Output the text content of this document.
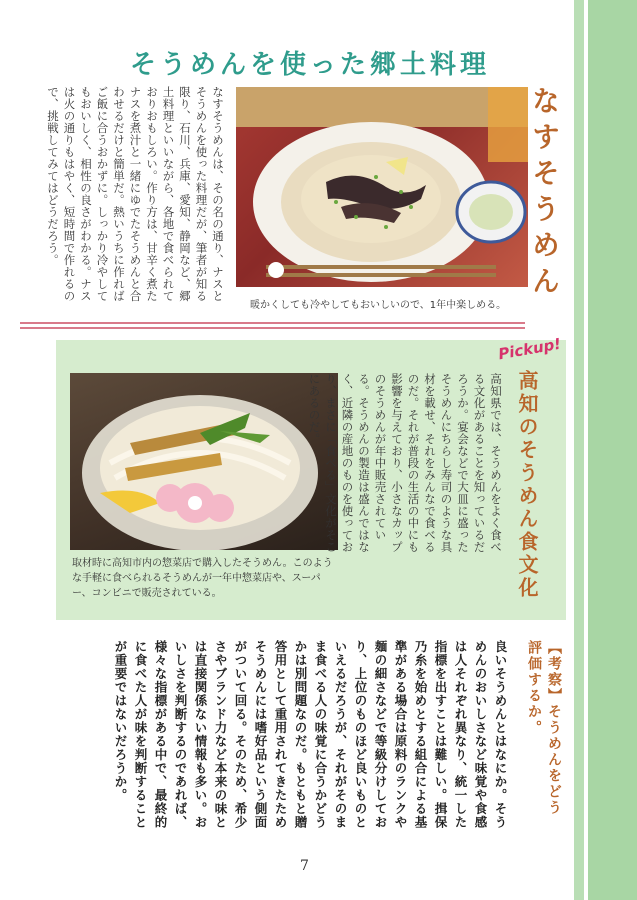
そうめんを使った郷土料理
なすそうめんは、その名の通り、ナスとそうめんを使った料理だが、筆者が知る限り、石川、兵庫、愛知、静岡など、郷土料理といいながら、各地で食べられておりおもしろい。作り方は、甘辛く煮たナスを煮汁と一緒にゆでたそうめんと合わせるだけと簡単だ。熱いうちに作ればご飯に合うおかずに。しっかり冷やしてもおいしく、相性の良さがわかる。ナスは火の通りもはやく、短時間で作れるので、挑戦してみてはどうだろう。
暖かくしても冷やしてもおいしいので、1年中楽しめる。
なすそうめん
取材時に高知市内の惣菜店で購入したそうめん。このような手軽に食べられるそうめんが一年中惣菜店や、スーパー、コンビニで販売されている。
Pickup!
高知のそうめん食文化
高知県では、そうめんをよく食べる文化があることを知っているだろうか。宴会などで大皿に盛ったそうめんにちらし寿司のような具材を載せ、それをみんなで食べるのだ。それが普段の生活の中にも影響を与えており、小さなカップのそうめんが年中販売されている。そうめんの製造は盛んではなく、近隣の産地のものを使っており、まさに「食べる」文化がそこにあるのだ。
【考察】そうめんをどう評価するか。
良いそうめんとはなにか。そうめんのおいしさなど味覚や食感は人それぞれ異なり、統一した指標を出すことは難しい。揖保乃糸を始めとする組合による基準がある場合は原料のランクや麺の細さなどで等級分けしており、上位のものほど良いものといえるだろうが、それがそのまま食べる人の味覚に合うかどうかは別問題なのだ。もともと贈答用として重用されてきたためそうめんには嗜好品という側面がついて回る。そのため、希少さやブランド力など本来の味とは直接関係ない情報も多い。おいしさを判断するのであれば、様々な指標がある中で、最終的に食べた人が味を判断することが重要ではないだろうか。
7
